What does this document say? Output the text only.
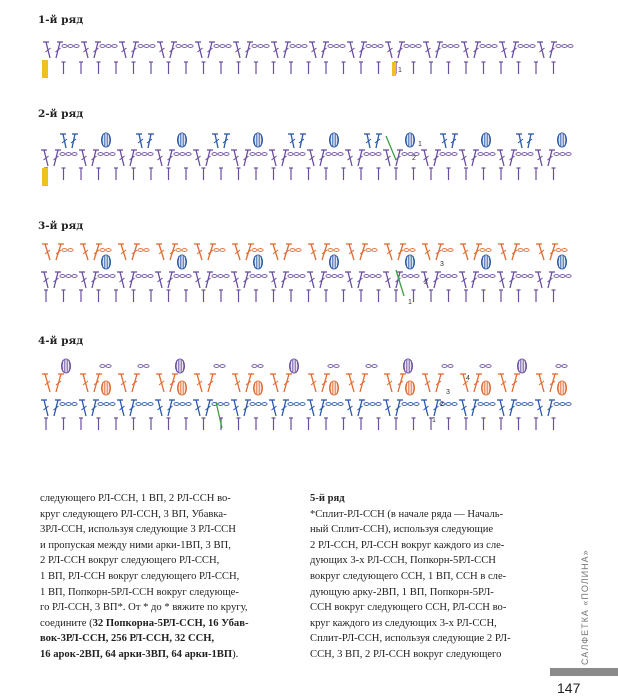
1-й ряд
2-й ряд
3-й ряд
4-й ряд
1
1
2
1
2
3
1
2
3
4

следующего РЛ-ССН, 1 ВП, 2 РЛ-ССН во-

круг следующего РЛ-ССН, 3 ВП, Убавка-

3РЛ-ССН, используя следующие 3 РЛ-ССН

и пропуская между ними арки-1ВП, 3 ВП,

2 РЛ-ССН вокруг следующего РЛ-ССН,

1 ВП, РЛ-ССН вокруг следующего РЛ-ССН,

1 ВП, Попкорн-5РЛ-ССН вокруг следующе-

го РЛ-ССН, 3 ВП*. От * до * вяжите по кругу,

соедините (32 Попкорна-5РЛ-ССН, 16 Убав-

вок-3РЛ-ССН, 256 РЛ-ССН, 32 ССН,

16 арок-2ВП, 64 арки-3ВП, 64 арки-1ВП).

5-й ряд

*Сплит-РЛ-ССН (в начале ряда — Началь-

ный Сплит-ССН), используя следующие

2 РЛ-ССН, РЛ-ССН вокруг каждого из сле-

дующих 3-х РЛ-ССН, Попкорн-5РЛ-ССН

вокруг следующего ССН, 1 ВП, ССН в сле-

дующую арку-2ВП, 1 ВП, Попкорн-5РЛ-

ССН вокруг следующего ССН, РЛ-ССН во-

круг каждого из следующих 3-х РЛ-ССН,

Сплит-РЛ-ССН, используя следующие 2 РЛ-

ССН, 3 ВП, 2 РЛ-ССН вокруг следующего	САЛФЕТКА «ПОЛИНА»
147
